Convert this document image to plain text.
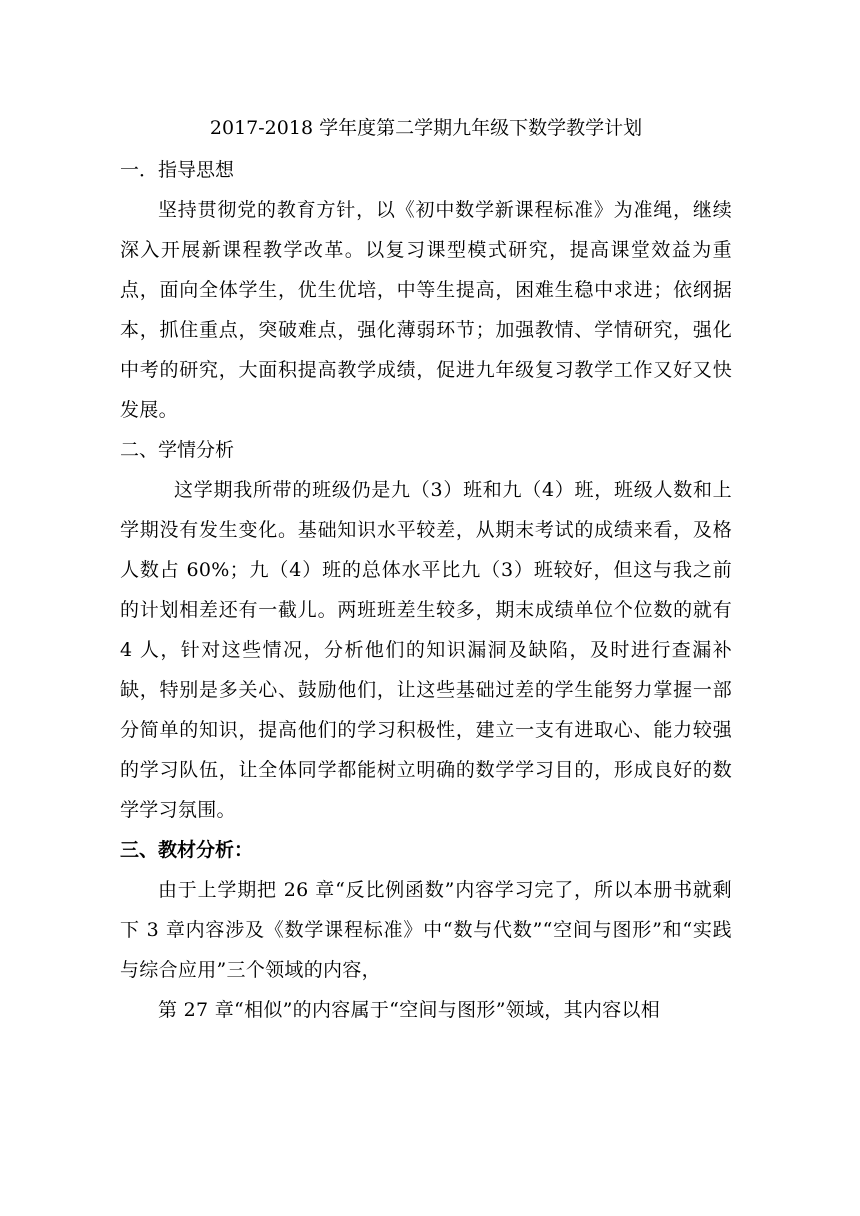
2017-2018 学年度第二学期九年级下数学教学计划
一．指导思想

坚持贯彻党的教育方针，以《初中数学新课程标准》为准绳，继续深入开展新课程教学改革。以复习课型模式研究，提高课堂效益为重点，面向全体学生，优生优培，中等生提高，困难生稳中求进；依纲据本，抓住重点，突破难点，强化薄弱环节；加强教情、学情研究，强化中考的研究，大面积提高教学成绩，促进九年级复习教学工作又好又快发展。

二、学情分析

这学期我所带的班级仍是九（3）班和九（4）班，班级人数和上学期没有发生变化。基础知识水平较差，从期末考试的成绩来看，及格人数占 60%；九（4）班的总体水平比九（3）班较好，但这与我之前的计划相差还有一截儿。两班班差生较多，期末成绩单位个位数的就有 4 人，针对这些情况，分析他们的知识漏洞及缺陷，及时进行查漏补缺，特别是多关心、鼓励他们，让这些基础过差的学生能努力掌握一部分简单的知识，提高他们的学习积极性，建立一支有进取心、能力较强的学习队伍，让全体同学都能树立明确的数学学习目的，形成良好的数学学习氛围。

三、教材分析：

由于上学期把 26 章“反比例函数”内容学习完了，所以本册书就剩下 3 章内容涉及《数学课程标准》中“数与代数”“空间与图形”和“实践与综合应用”三个领域的内容，

第 27 章“相似”的内容属于“空间与图形”领域，其内容以相
